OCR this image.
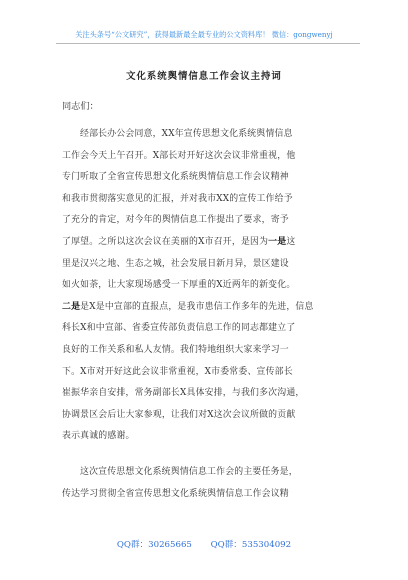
关注头条号“公文研究”，获得最新最全最专业的公文资料库！ 微信：gongwenyj
文化系统舆情信息工作会议主持词
同志们：
经部长办公会同意，XX年宣传思想文化系统舆情信息
工作会今天上午召开。X部长对开好这次会议非常重视，他
专门听取了全省宣传思想文化系统舆情信息工作会议精神
和我市贯彻落实意见的汇报，并对我市XX的宣传工作给予
了充分的肯定，对今年的舆情信息工作提出了要求，寄予
了厚望。之所以这次会议在美丽的X市召开，是因为一是这
里是汉兴之地、生态之城，社会发展日新月异，景区建设
如火如荼，让大家现场感受一下厚重的X近两年的新变化。
二是是X是中宣部的直报点，是我市患信工作多年的先进，信息
科长X和中宣部、省委宣传部负责信息工作的同志都建立了
良好的工作关系和私人友情。我们特地组织大家来学习一
下。X市对开好这此会议非常重视，X市委常委、宣传部长
崔振华亲自安排，常务副部长X具体安排，与我们多次沟通，
协调景区会后让大家参观，让我们对X这次会议所做的贡献
表示真诚的感谢。
这次宣传思想文化系统舆情信息工作会的主要任务是，
传达学习贯彻全省宣传思想文化系统舆情信息工作会议精
QQ群：30265665 QQ群：535304092
